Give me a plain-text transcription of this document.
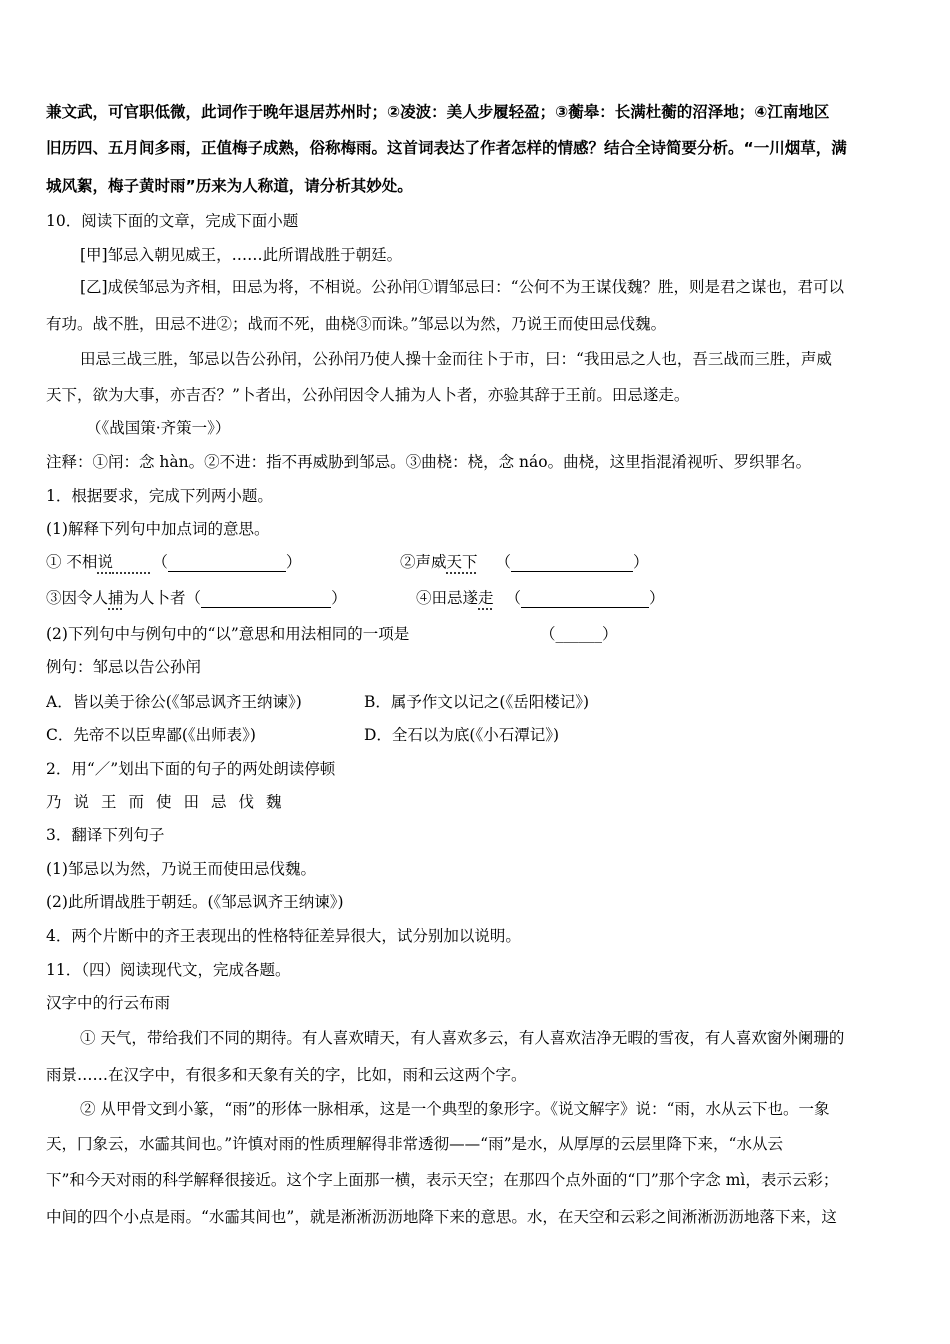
兼文武，可官职低微，此词作于晚年退居苏州时；②凌波：美人步履轻盈；③蘅皋：长满杜蘅的沼泽地；④江南地区
旧历四、五月间多雨，正值梅子成熟，俗称梅雨。这首词表达了作者怎样的情感？结合全诗简要分析。“一川烟草，满
城风絮，梅子黄时雨”历来为人称道，请分析其妙处。
10．阅读下面的文章，完成下面小题
[甲]邹忌入朝见威王，……此所谓战胜于朝廷。
[乙]成侯邹忌为齐相，田忌为将，不相说。公孙闬①谓邹忌曰：“公何不为王谋伐魏？胜，则是君之谋也，君可以
有功。战不胜，田忌不进②；战而不死，曲桡③而诛。”邹忌以为然，乃说王而使田忌伐魏。
田忌三战三胜，邹忌以告公孙闬，公孙闬乃使人操十金而往卜于市，曰：“我田忌之人也，吾三战而三胜，声威
天下，欲为大事，亦吉否？”卜者出，公孙闬因令人捕为人卜者，亦验其辞于王前。田忌遂走。
（《战国策·齐策一》）
注释：①闬：念 hàn。②不进：指不再威胁到邹忌。③曲桡：桡，念 náo。曲桡，这里指混淆视听、罗织罪名。
1．根据要求，完成下列两小题。
(1)解释下列句中加点词的意思。
① 不相说    	（	）	②声威天下 （	）
③因令人捕为人卜者（	）	④田忌遂走 （	）
(2)下列句中与例句中的“以”意思和用法相同的一项是	（______）
例句：邹忌以告公孙闬
A．皆以美于徐公(《邹忌讽齐王纳谏》)	B．属予作文以记之(《岳阳楼记》)
C．先帝不以臣卑鄙(《出师表》)	D．全石以为底(《小石潭记》)
2．用“／”划出下面的句子的两处朗读停顿
乃说王而使田忌伐魏
3．翻译下列句子
(1)邹忌以为然，乃说王而使田忌伐魏。
(2)此所谓战胜于朝廷。(《邹忌讽齐王纳谏》)
4．两个片断中的齐王表现出的性格特征差异很大，试分别加以说明。
11．（四）阅读现代文，完成各题。
汉字中的行云布雨
① 天气，带给我们不同的期待。有人喜欢晴天，有人喜欢多云，有人喜欢洁净无暇的雪夜，有人喜欢窗外阑珊的
雨景……在汉字中，有很多和天象有关的字，比如，雨和云这两个字。
② 从甲骨文到小篆，“雨”的形体一脉相承，这是一个典型的象形字。《说文解字》说：“雨，水从云下也。一象
天，冂象云，水霝其间也。”许慎对雨的性质理解得非常透彻——“雨”是水，从厚厚的云层里降下来，“水从云
下”和今天对雨的科学解释很接近。这个字上面那一横，表示天空；在那四个点外面的“冂”那个字念 mì，表示云彩；
中间的四个小点是雨。“水霝其间也”，就是淅淅沥沥地降下来的意思。水，在天空和云彩之间淅淅沥沥地落下来，这
